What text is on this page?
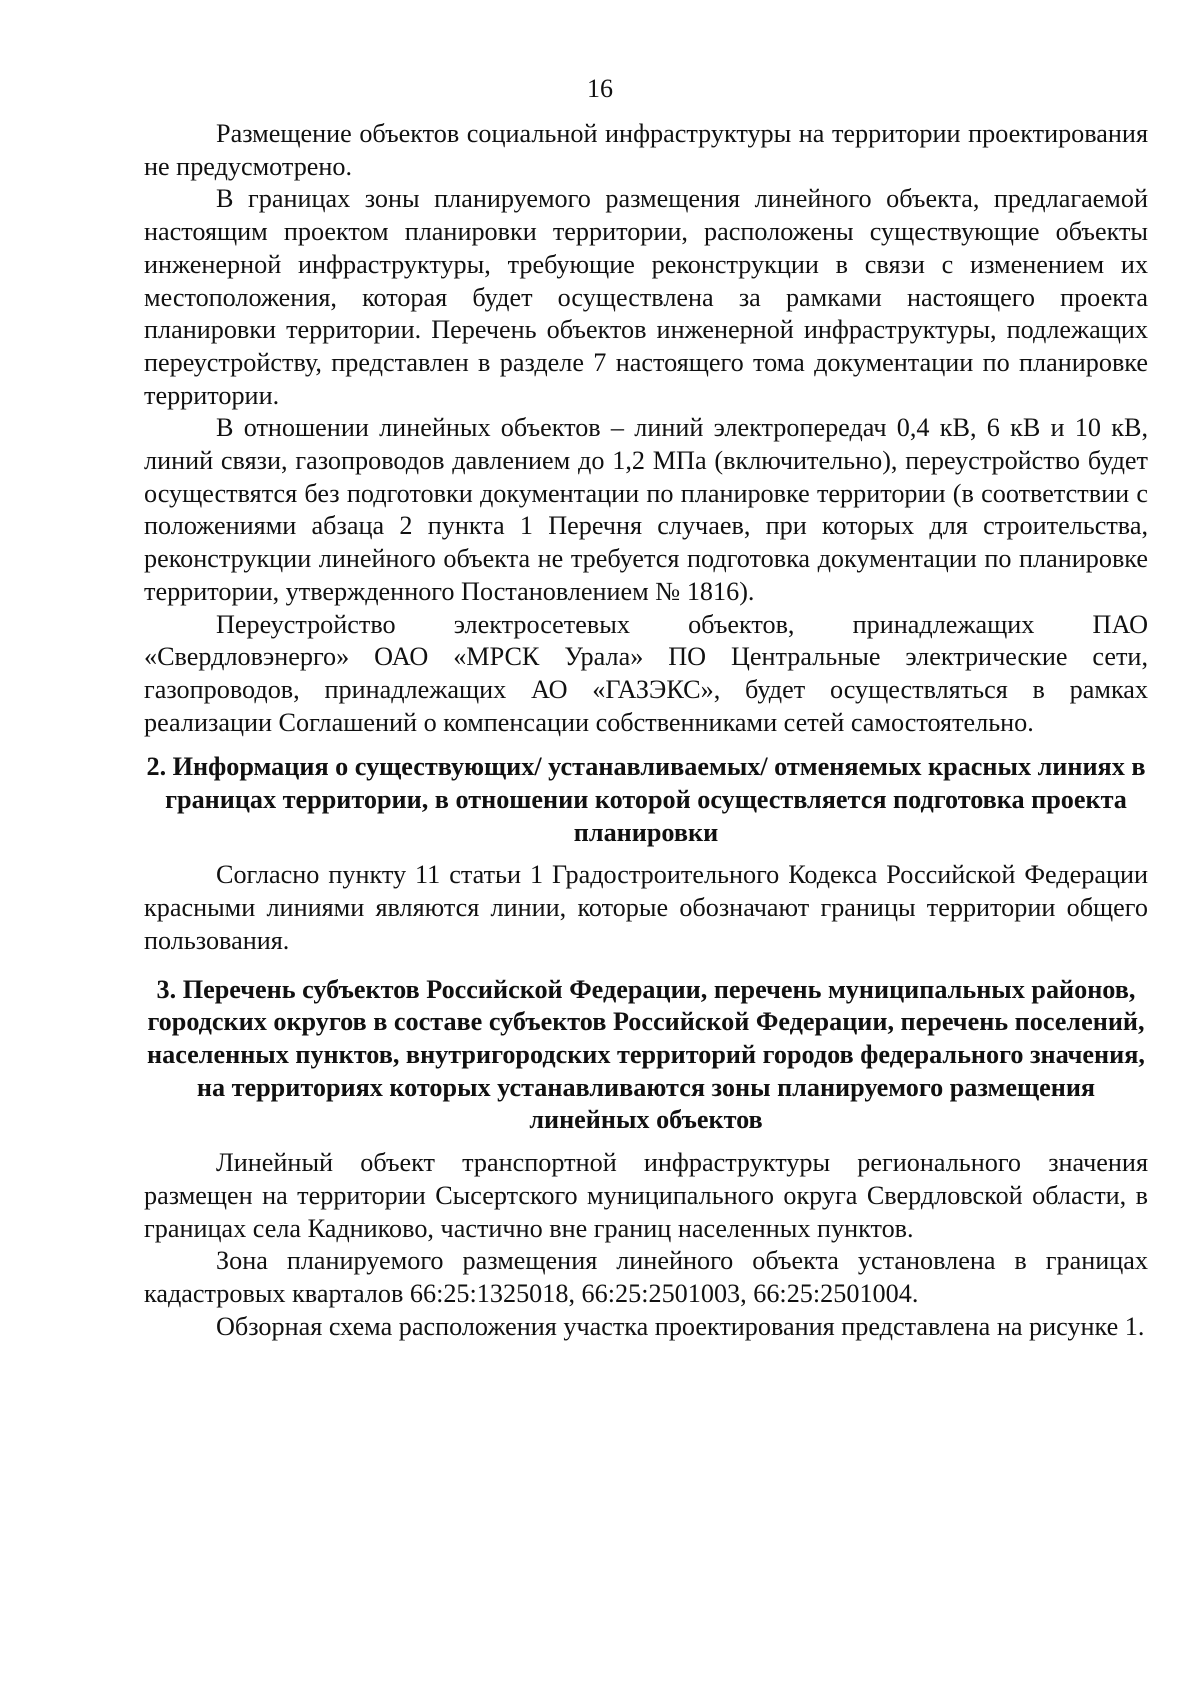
16

Размещение объектов социальной инфраструктуры на территории проектирования не предусмотрено.

В границах зоны планируемого размещения линейного объекта, предлагаемой настоящим проектом планировки территории, расположены существующие объекты инженерной инфраструктуры, требующие реконструкции в связи с изменением их местоположения, которая будет осуществлена за рамками настоящего проекта планировки территории. Перечень объектов инженерной инфраструктуры, подлежащих переустройству, представлен в разделе 7 настоящего тома документации по планировке территории.

В отношении линейных объектов – линий электропередач 0,4 кВ, 6 кВ и 10 кВ, линий связи, газопроводов давлением до 1,2 МПа (включительно), переустройство будет осуществятся без подготовки документации по планировке территории (в соответствии с положениями абзаца 2 пункта 1 Перечня случаев, при которых для строительства, реконструкции линейного объекта не требуется подготовка документации по планировке территории, утвержденного Постановлением № 1816).

Переустройство электросетевых объектов, принадлежащих ПАО «Свердловэнерго» ОАО «МРСК Урала» ПО Центральные электрические сети, газопроводов, принадлежащих АО «ГАЗЭКС», будет осуществляться в рамках реализации Соглашений о компенсации собственниками сетей самостоятельно.

2. Информация о существующих/ устанавливаемых/ отменяемых красных линиях в границах территории, в отношении которой осуществляется подготовка проекта планировки

Согласно пункту 11 статьи 1 Градостроительного Кодекса Российской Федерации красными линиями являются линии, которые обозначают границы территории общего пользования.

3. Перечень субъектов Российской Федерации, перечень муниципальных районов, городских округов в составе субъектов Российской Федерации, перечень поселений, населенных пунктов, внутригородских территорий городов федерального значения, на территориях которых устанавливаются зоны планируемого размещения линейных объектов

Линейный объект транспортной инфраструктуры регионального значения размещен на территории Сысертского муниципального округа Свердловской области, в границах села Кадниково, частично вне границ населенных пунктов.

Зона планируемого размещения линейного объекта установлена в границах кадастровых кварталов 66:25:1325018, 66:25:2501003, 66:25:2501004.

Обзорная схема расположения участка проектирования представлена на рисунке 1.
